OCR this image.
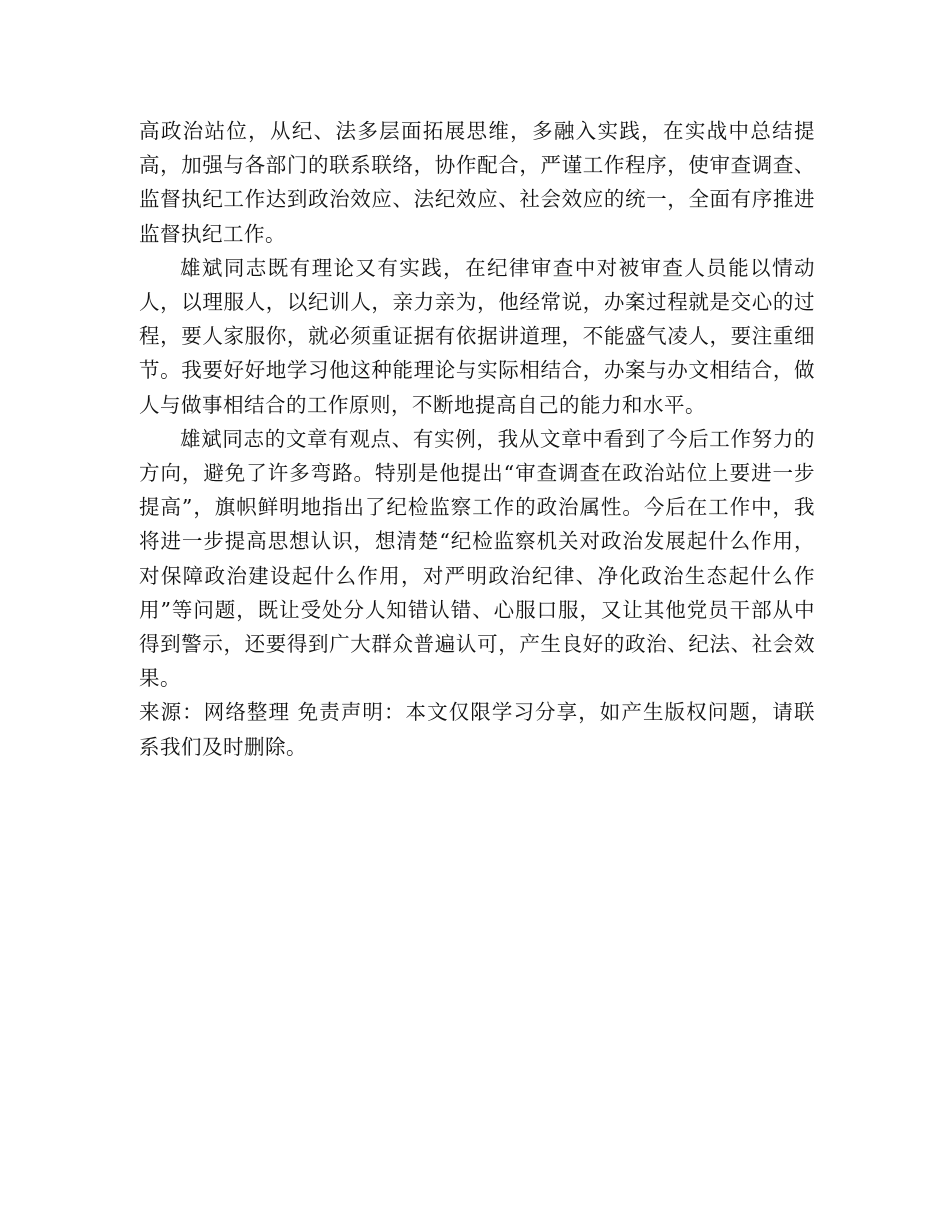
高政治站位，从纪、法多层面拓展思维，多融入实践，在实战中总结提高，加强与各部门的联系联络，协作配合，严谨工作程序，使审查调查、监督执纪工作达到政治效应、法纪效应、社会效应的统一，全面有序推进监督执纪工作。

雄斌同志既有理论又有实践，在纪律审查中对被审查人员能以情动人，以理服人，以纪训人，亲力亲为，他经常说，办案过程就是交心的过程，要人家服你，就必须重证据有依据讲道理，不能盛气凌人，要注重细节。我要好好地学习他这种能理论与实际相结合，办案与办文相结合，做人与做事相结合的工作原则，不断地提高自己的能力和水平。

雄斌同志的文章有观点、有实例，我从文章中看到了今后工作努力的方向，避免了许多弯路。特别是他提出“审查调查在政治站位上要进一步提高”，旗帜鲜明地指出了纪检监察工作的政治属性。今后在工作中，我将进一步提高思想认识，想清楚“纪检监察机关对政治发展起什么作用，对保障政治建设起什么作用，对严明政治纪律、净化政治生态起什么作用”等问题，既让受处分人知错认错、心服口服，又让其他党员干部从中得到警示，还要得到广大群众普遍认可，产生良好的政治、纪法、社会效果。

来源：网络整理 免责声明：本文仅限学习分享，如产生版权问题，请联系我们及时删除。
